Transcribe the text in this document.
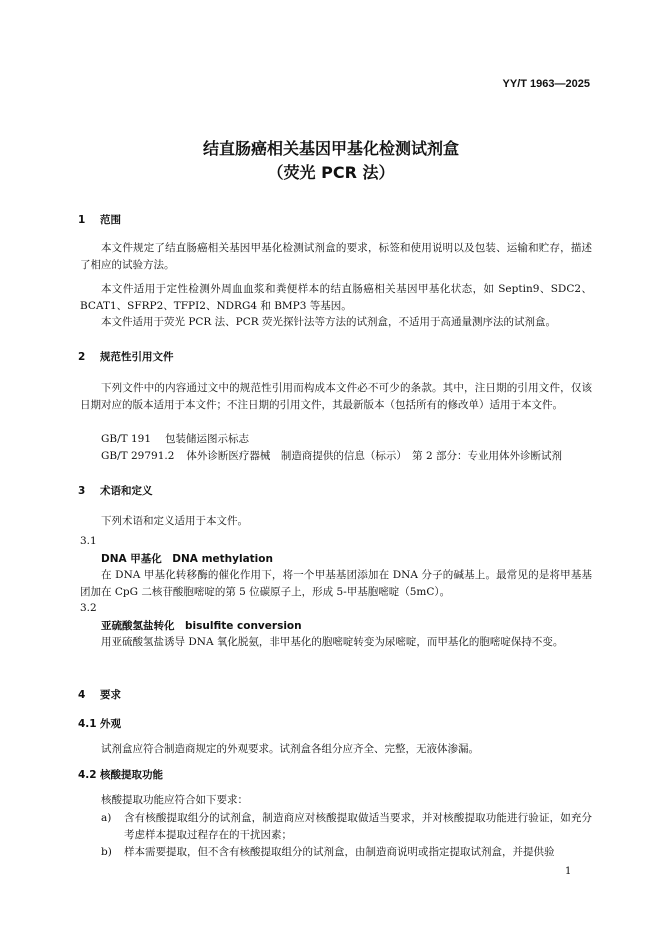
YY/T 1963—2025
结直肠癌相关基因甲基化检测试剂盒
（荧光 PCR 法）
1 范围
本文件规定了结直肠癌相关基因甲基化检测试剂盒的要求，标签和使用说明以及包装、运输和贮存，描述了相应的试验方法。
本文件适用于定性检测外周血血浆和粪便样本的结直肠癌相关基因甲基化状态，如 Septin9、SDC2、BCAT1、SFRP2、TFPI2、NDRG4 和 BMP3 等基因。
本文件适用于荧光 PCR 法、PCR 荧光探针法等方法的试剂盒，不适用于高通量测序法的试剂盒。
2 规范性引用文件
下列文件中的内容通过文中的规范性引用而构成本文件必不可少的条款。其中，注日期的引用文件，仅该日期对应的版本适用于本文件；不注日期的引用文件，其最新版本（包括所有的修改单）适用于本文件。
GB/T 191 包装储运图示标志
GB/T 29791.2 体外诊断医疗器械　制造商提供的信息（标示）　第 2 部分：专业用体外诊断试剂
3 术语和定义
下列术语和定义适用于本文件。
3.1
DNA 甲基化　DNA methylation
在 DNA 甲基化转移酶的催化作用下，将一个甲基基团添加在 DNA 分子的碱基上。最常见的是将甲基基团加在 CpG 二核苷酸胞嘧啶的第 5 位碳原子上，形成 5-甲基胞嘧啶（5mC）。
3.2
亚硫酸氢盐转化　bisulfite conversion
用亚硫酸氢盐诱导 DNA 氧化脱氨，非甲基化的胞嘧啶转变为尿嘧啶，而甲基化的胞嘧啶保持不变。
4 要求
4.1 外观
试剂盒应符合制造商规定的外观要求。试剂盒各组分应齐全、完整，无液体渗漏。
4.2 核酸提取功能
核酸提取功能应符合如下要求：
a) 含有核酸提取组分的试剂盒，制造商应对核酸提取做适当要求，并对核酸提取功能进行验证，如充分考虑样本提取过程存在的干扰因素；
b) 样本需要提取，但不含有核酸提取组分的试剂盒，由制造商说明或指定提取试剂盒，并提供验
1
